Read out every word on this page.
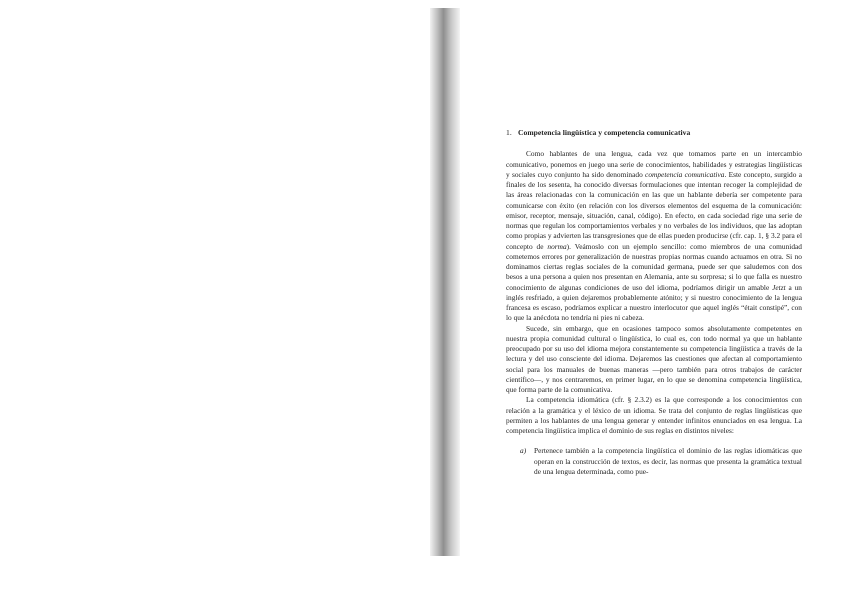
1. Competencia lingüística y competencia comunicativa

Como hablantes de una lengua, cada vez que tomamos parte en un intercambio comunicativo, ponemos en juego una serie de conocimientos, habilidades y estrategias lingüísticas y sociales cuyo conjunto ha sido denominado competencia comunicativa. Este concepto, surgido a finales de los sesenta, ha conocido diversas formulaciones que intentan recoger la complejidad de las áreas relacionadas con la comunicación en las que un hablante debería ser competente para comunicarse con éxito (en relación con los diversos elementos del esquema de la comunicación: emisor, receptor, mensaje, situación, canal, código). En efecto, en cada sociedad rige una serie de normas que regulan los comportamientos verbales y no verbales de los individuos, que las adoptan como propias y advierten las transgresiones que de ellas pueden producirse (cfr. cap. 1, § 3.2 para el concepto de norma). Veámoslo con un ejemplo sencillo: como miembros de una comunidad cometemos errores por generalización de nuestras propias normas cuando actuamos en otra. Si no dominamos ciertas reglas sociales de la comunidad germana, puede ser que saludemos con dos besos a una persona a quien nos presentan en Alemania, ante su sorpresa; si lo que falla es nuestro conocimiento de algunas condiciones de uso del idioma, podríamos dirigir un amable Jetzt a un inglés resfriado, a quien dejaremos probablemente atónito; y si nuestro conocimiento de la lengua francesa es escaso, podríamos explicar a nuestro interlocutor que aquel inglés “était constipé”, con lo que la anécdota no tendría ni pies ni cabeza.

Sucede, sin embargo, que en ocasiones tampoco somos absolutamente competentes en nuestra propia comunidad cultural o lingüística, lo cual es, con todo normal ya que un hablante preocupado por su uso del idioma mejora constantemente su competencia lingüística a través de la lectura y del uso consciente del idioma. Dejaremos las cuestiones que afectan al comportamiento social para los manuales de buenas maneras —pero también para otros trabajos de carácter científico—, y nos centraremos, en primer lugar, en lo que se denomina competencia lingüística, que forma parte de la comunicativa.

La competencia idiomática (cfr. § 2.3.2) es la que corresponde a los conocimientos con relación a la gramática y el léxico de un idioma. Se trata del conjunto de reglas lingüísticas que permiten a los hablantes de una lengua generar y entender infinitos enunciados en esa lengua. La competencia lingüística implica el dominio de sus reglas en distintos niveles:

a) Pertenece también a la competencia lingüística el dominio de las reglas idiomáticas que operan en la construcción de textos, es decir, las normas que presenta la gramática textual de una lengua determinada, como pue-
